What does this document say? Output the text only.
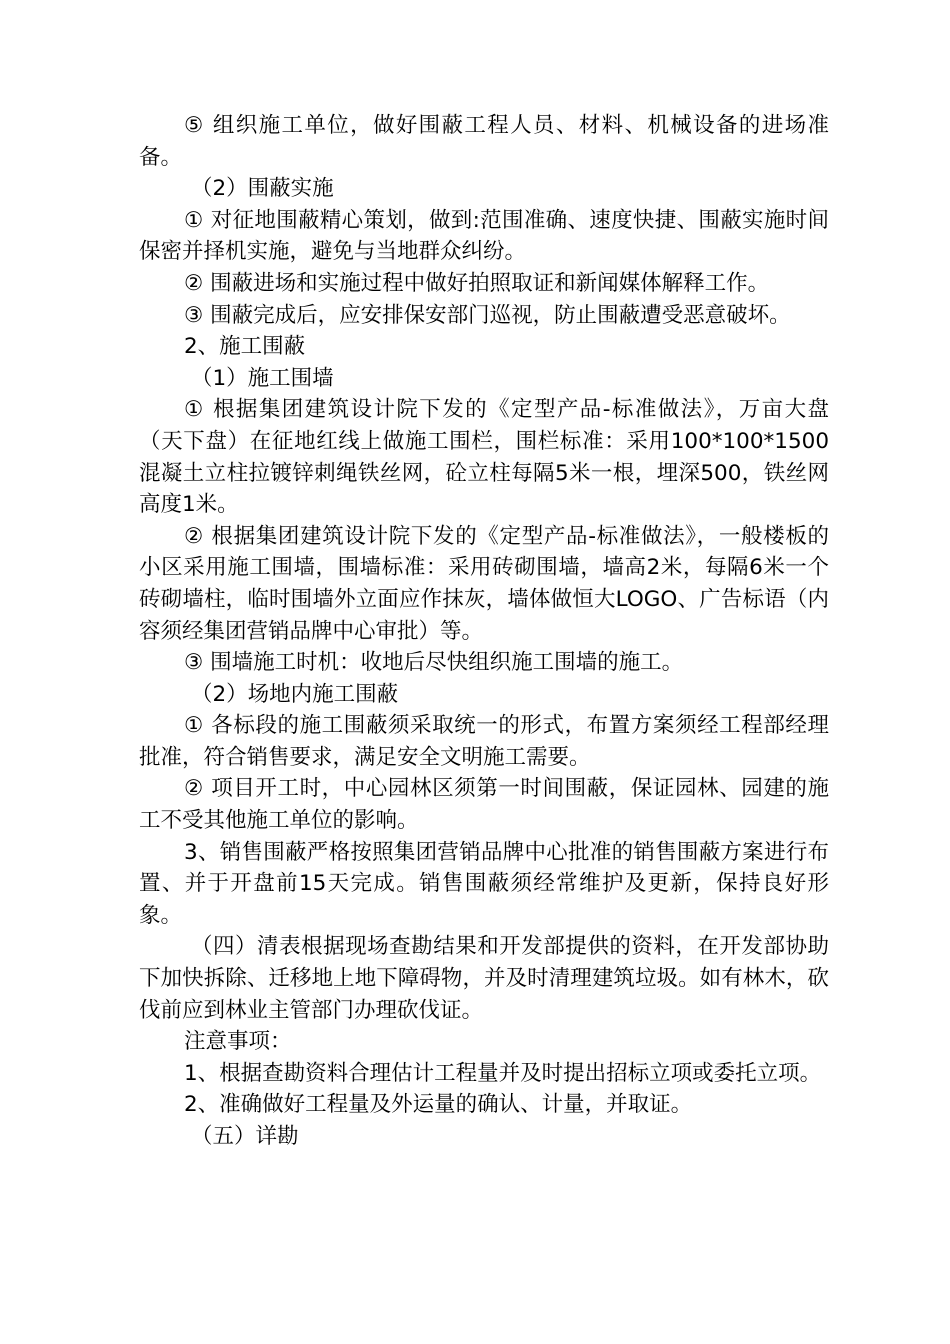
⑤ 组织施工单位，做好围蔽工程人员、材料、机械设备的进场准备。

（2）围蔽实施

① 对征地围蔽精心策划，做到:范围准确、速度快捷、围蔽实施时间保密并择机实施，避免与当地群众纠纷。

② 围蔽进场和实施过程中做好拍照取证和新闻媒体解释工作。

③ 围蔽完成后，应安排保安部门巡视，防止围蔽遭受恶意破坏。

2、施工围蔽

（1）施工围墙

① 根据集团建筑设计院下发的《定型产品-标准做法》，万亩大盘（天下盘）在征地红线上做施工围栏，围栏标准：采用100*100*1500混凝土立柱拉镀锌刺绳铁丝网，砼立柱每隔5米一根，埋深500，铁丝网高度1米。

② 根据集团建筑设计院下发的《定型产品-标准做法》，一般楼板的小区采用施工围墙，围墙标准：采用砖砌围墙，墙高2米，每隔6米一个砖砌墙柱，临时围墙外立面应作抹灰，墙体做恒大LOGO、广告标语（内容须经集团营销品牌中心审批）等。

③ 围墙施工时机：收地后尽快组织施工围墙的施工。

（2）场地内施工围蔽

① 各标段的施工围蔽须采取统一的形式，布置方案须经工程部经理批准，符合销售要求，满足安全文明施工需要。

② 项目开工时，中心园林区须第一时间围蔽，保证园林、园建的施工不受其他施工单位的影响。

3、销售围蔽严格按照集团营销品牌中心批准的销售围蔽方案进行布置、并于开盘前15天完成。销售围蔽须经常维护及更新，保持良好形象。

（四）清表根据现场查勘结果和开发部提供的资料，在开发部协助下加快拆除、迁移地上地下障碍物，并及时清理建筑垃圾。如有林木，砍伐前应到林业主管部门办理砍伐证。

注意事项：

1、根据查勘资料合理估计工程量并及时提出招标立项或委托立项。

2、准确做好工程量及外运量的确认、计量，并取证。

（五）详勘
